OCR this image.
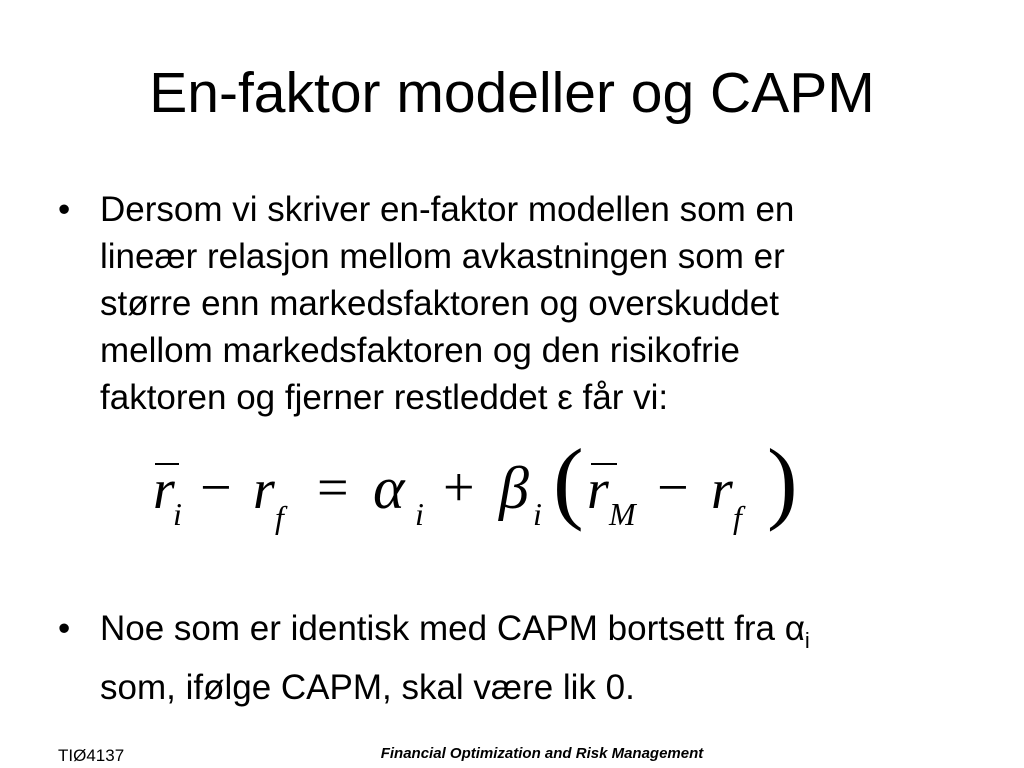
En-faktor modeller og CAPM
• Dersom vi skriver en-faktor modellen som en
lineær relasjon mellom avkastningen som er
større enn markedsfaktoren og overskuddet
mellom markedsfaktoren og den risikofrie
faktoren og fjerner restleddet ε får vi:
r
i − r f = α i + β i ( r M − r f )
• Noe som er identisk med CAPM bortsett fra $\alpha_i$
som, ifølge CAPM, skal være lik 0.
TIØ4137	Financial Optimization and Risk Management
